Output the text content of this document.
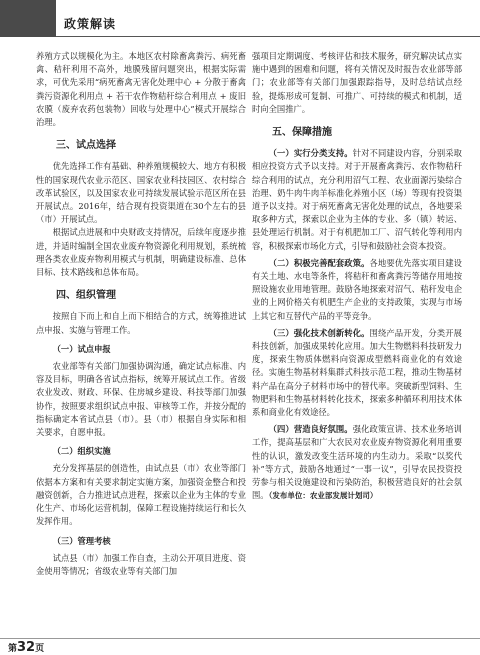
政策解读

养殖方式以规模化为主。本地区农村除畜禽粪污、病死畜禽、秸秆利用不高外，地膜残留问题突出，根据实际需求，可优先采用“病死畜禽无害化处理中心 + 分散于畜禽粪污资源化利用点 + 若干农作物秸秆综合利用点 + 废旧农膜（废弃农药包装物）回收与处理中心”模式开展综合治理。

三、试点选择

优先选择工作有基础、种养殖规模较大、地方有积极性的国家现代农业示范区、国家农业科技园区、农村综合改革试验区，以及国家农业可持续发展试验示范区所在县开展试点。2016年，结合现有投资渠道在30个左右的县（市）开展试点。

根据试点进展和中央财政支持情况，后续年度逐步推进，并适时编制全国农业废弃物资源化利用规划，系统梳理各类农业废弃物利用模式与机制，明确建设标准、总体目标、技术路线和总体布局。

四、组织管理

按照自下而上和自上而下相结合的方式，统筹推进试点申报、实施与管理工作。

（一）试点申报

农业部等有关部门加强协调沟通，确定试点标准、内容及目标，明确各省试点指标，统筹开展试点工作。省级农业发改、财政、环保、住房城乡建设、科技等部门加强协作，按照要求组织试点申报、审核等工作，并按分配的指标确定本省试点县（市）。县（市）根据自身实际和相关要求，自愿申报。

（二）组织实施

充分发挥基层的创造性，由试点县（市）农业等部门依据本方案和有关要求制定实施方案，加强资金整合和投融资创新，合力推进试点进程，探索以企业为主体的专业化生产、市场化运营机制，保障工程设施持续运行和长久发挥作用。

（三）管理考核

试点县（市）加强工作自查，主动公开项目进度、资金使用等情况；省级农业等有关部门加

强项目定期调度、考核评估和技术服务，研究解决试点实施中遇到的困难和问题，将有关情况及时报告农业部等部门；农业部等有关部门加强跟踪指导，及时总结试点经验，提炼形成可复制、可推广、可持续的模式和机制，适时向全国推广。

五、保障措施

（一）实行分类支持。针对不同建设内容，分别采取相应投资方式予以支持。对于开展畜禽粪污、农作物秸秆综合利用的试点，充分利用沼气工程、农业面源污染综合治理、奶牛肉牛肉羊标准化养殖小区（场）等现有投资渠道予以支持。对于病死畜禽无害化处理的试点，各地要采取多种方式，探索以企业为主体的专业、多（镇）转运、县处理运行机制。对于有机肥加工厂、沼气转化等利用内容，积极探索市场化方式，引导和鼓励社会资本投资。

（二）积极完善配套政策。各地要优先落实项目建设有关土地、水电等条件，将秸秆和畜禽粪污等储存用地按照设施农业用地管理。鼓励各地探索对沼气、秸秆发电企业的上网价格关有机肥生产企业的支持政策，实现与市场上其它和互替代产品的平等竞争。

（三）强化技术创新转化。围绕产品开发，分类开展科技创新，加强成果转化应用。加大生物燃料科技研发力度，探索生物质体燃料向资源成型燃料商业化的有效途径。实施生物基材料集群式科技示范工程，推动生物基材料产品在高分子材料市场中的替代率。突破新型饲料、生物肥料和生物基材料转化技术，探索多种循环利用技术体系和商业化有效途径。

（四）营造良好氛围。强化政策宣讲、技术业务培训工作，提高基层和广大农民对农业废弃物资源化利用重要性的认识，激发改变生活环境的内生动力。采取“以奖代补”等方式，鼓励各地通过“一事一议”，引导农民投资投劳参与相关设施建设和污染防治，积极营造良好的社会氛围。（发布单位：农业部发展计划司）

第32页
